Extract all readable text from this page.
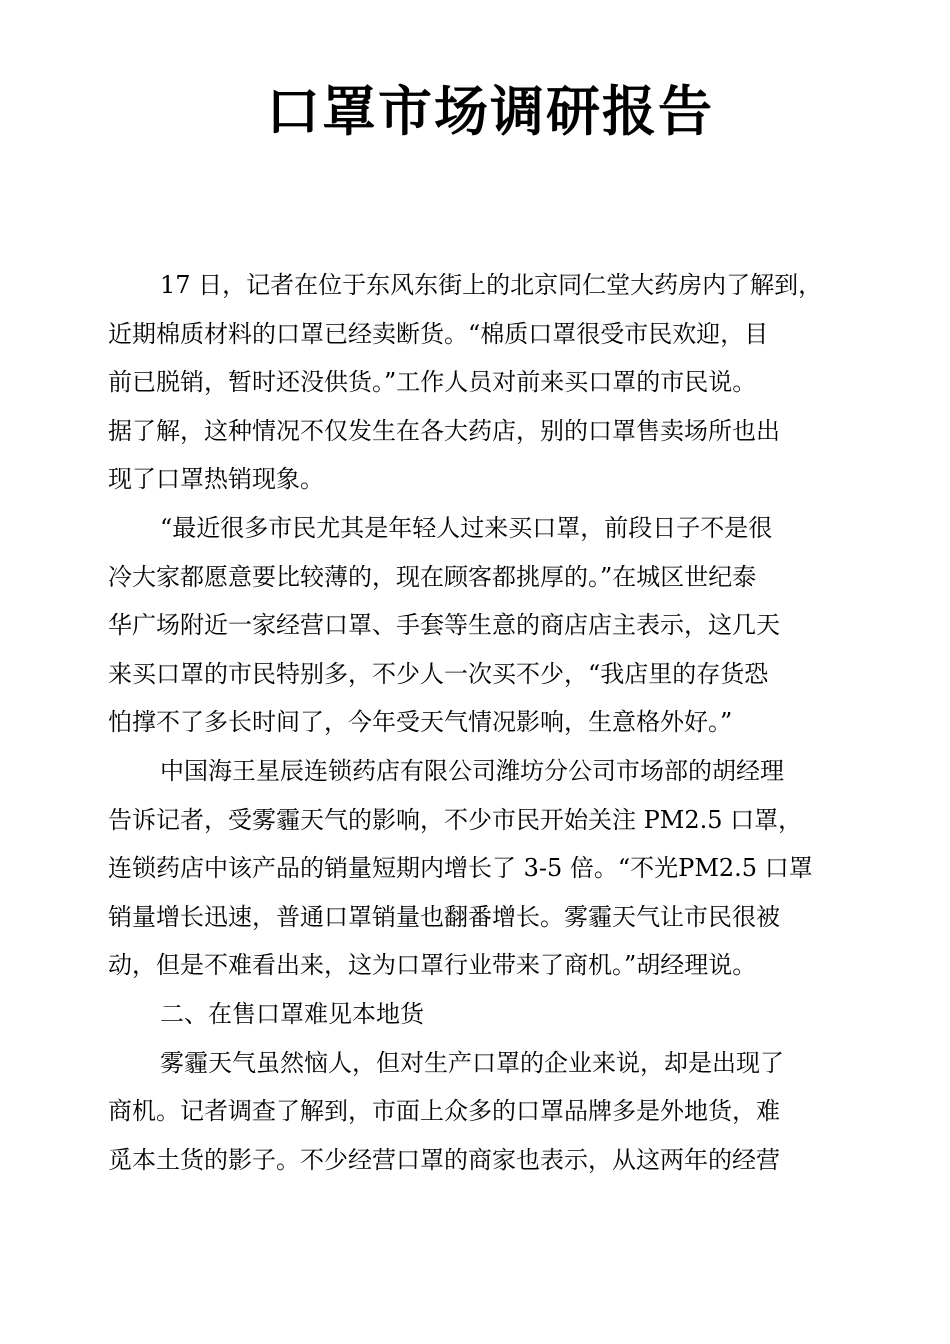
口罩市场调研报告
17 日，记者在位于东风东街上的北京同仁堂大药房内了解到，
近期棉质材料的口罩已经卖断货。“棉质口罩很受市民欢迎，目
前已脱销，暂时还没供货。”工作人员对前来买口罩的市民说。
据了解，这种情况不仅发生在各大药店，别的口罩售卖场所也出
现了口罩热销现象。
“最近很多市民尤其是年轻人过来买口罩，前段日子不是很
冷大家都愿意要比较薄的，现在顾客都挑厚的。”在城区世纪泰
华广场附近一家经营口罩、手套等生意的商店店主表示，这几天
来买口罩的市民特别多，不少人一次买不少，“我店里的存货恐
怕撑不了多长时间了，今年受天气情况影响，生意格外好。”
中国海王星辰连锁药店有限公司潍坊分公司市场部的胡经理
告诉记者，受雾霾天气的影响，不少市民开始关注 PM2.5 口罩，
连锁药店中该产品的销量短期内增长了 3-5 倍。“不光PM2.5 口罩
销量增长迅速，普通口罩销量也翻番增长。雾霾天气让市民很被
动，但是不难看出来，这为口罩行业带来了商机。”胡经理说。
二、在售口罩难见本地货
雾霾天气虽然恼人，但对生产口罩的企业来说，却是出现了
商机。记者调查了解到，市面上众多的口罩品牌多是外地货，难
觅本土货的影子。不少经营口罩的商家也表示，从这两年的经营
